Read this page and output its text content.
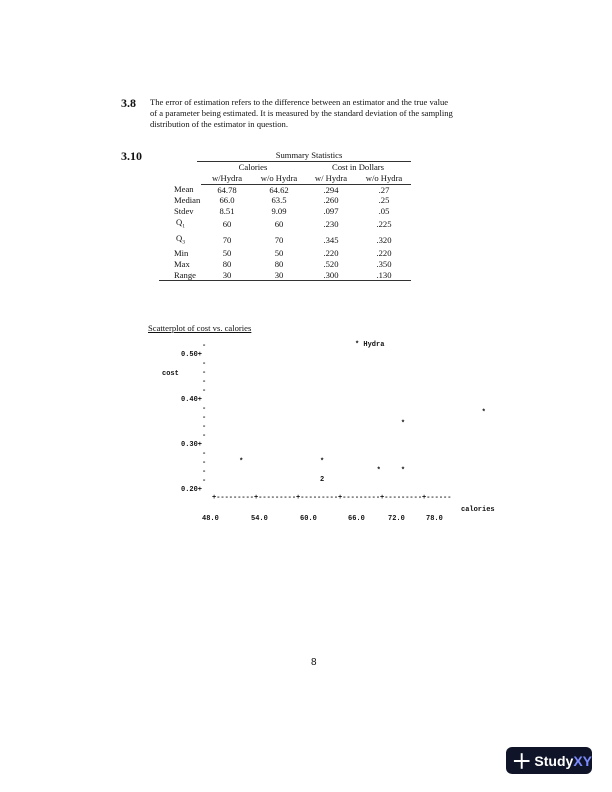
3.8 The error of estimation refers to the difference between an estimator and the true value
of a parameter being estimated. It is measured by the standard deviation of the sampling
distribution of the estimator in question.
3.10	Summary Statistics
	Calories		Cost in Dollars	
	w/Hydra	w/o Hydra	w/ Hydra	w/o Hydra
Mean	64.78	64.62	.294	.27
Median	66.0	63.5	.260	.25
Stdev	8.51	9.09	.097	.05
$Q_1$	60	60	.230	.225
$Q_3$	70	70	.345	.320
Min	50	50	.220	.220
Max	80	80	.520	.350
Range	30	30	.300	.130
Scatterplot of cost vs. calories
* Hydra
cost
0.50+
0.40+
0.30+
0.20+
-
-
-
-
-
-
-
-
-
-
-
-
-
+---------+---------+---------+---------+---------+------
calories
48.0	54.0	60.0	66.0	72.0	78.0
*	*
2
*	*
*
*
8
Study XY
